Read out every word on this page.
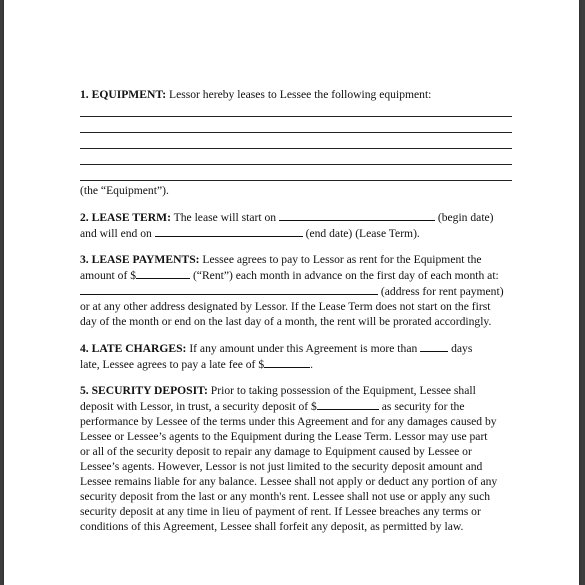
1. EQUIPMENT: Lessor hereby leases to Lessee the following equipment:

(the “Equipment”).

2. LEASE TERM: The lease will start on	(begin date)

and will end on	(end date) (Lease Term).

3. LEASE PAYMENTS: Lessee agrees to pay to Lessor as rent for the Equipment the

amount of $	(“Rent”) each month in advance on the first day of each month at:

(address for rent payment)

or at any other address designated by Lessor. If the Lease Term does not start on the first

day of the month or end on the last day of a month, the rent will be prorated accordingly.

4. LATE CHARGES: If any amount under this Agreement is more than	days

late, Lessee agrees to pay a late fee of $	.

5. SECURITY DEPOSIT: Prior to taking possession of the Equipment, Lessee shall

deposit with Lessor, in trust, a security deposit of $	as security for the

performance by Lessee of the terms under this Agreement and for any damages caused by

Lessee or Lessee’s agents to the Equipment during the Lease Term. Lessor may use part

or all of the security deposit to repair any damage to Equipment caused by Lessee or

Lessee’s agents. However, Lessor is not just limited to the security deposit amount and

Lessee remains liable for any balance. Lessee shall not apply or deduct any portion of any

security deposit from the last or any month's rent. Lessee shall not use or apply any such

security deposit at any time in lieu of payment of rent. If Lessee breaches any terms or

conditions of this Agreement, Lessee shall forfeit any deposit, as permitted by law.
